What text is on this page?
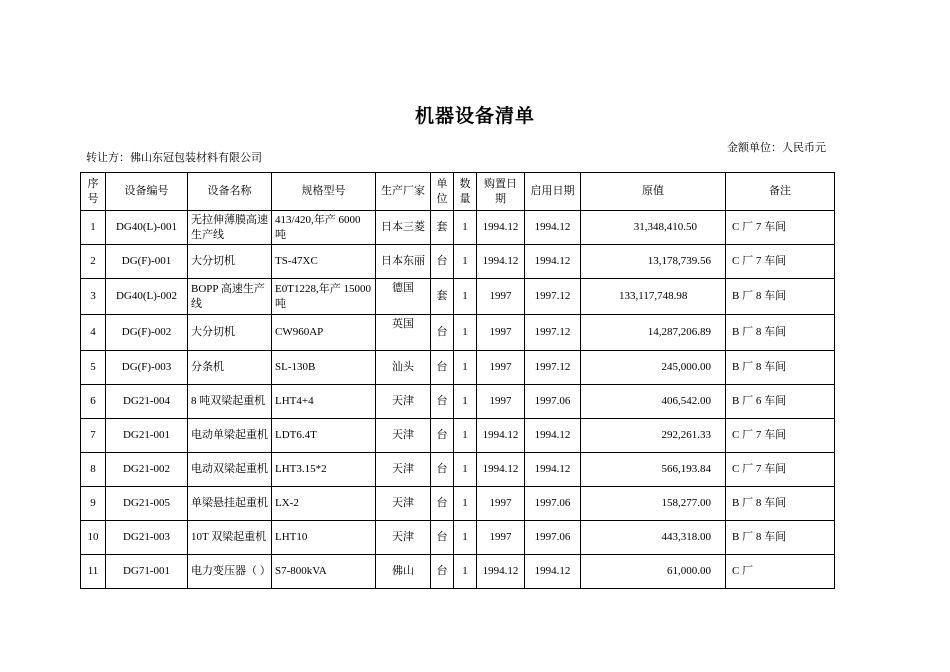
机器设备清单
转让方：佛山东冠包装材料有限公司
金额单位：人民币元
序号	设备编号	设备名称	规格型号	生产厂家	单位	数量	购置日期	启用日期	原值	备注
1	DG40(L)-001	无拉伸薄膜高速生产线	413/420,年产 6000 吨	日本三菱	套	1	1994.12	1994.12	31,348,410.50	C 厂 7 车间
2	DG(F)-001	大分切机	TS-47XC	日本东丽	台	1	1994.12	1994.12	13,178,739.56	C 厂 7 车间
3	DG40(L)-002	BOPP 高速生产线	E0T1228,年产 15000 吨	德国	套	1	1997	1997.12	133,117,748.98	B 厂 8 车间
4	DG(F)-002	大分切机	CW960AP	英国	台	1	1997	1997.12	14,287,206.89	B 厂 8 车间
5	DG(F)-003	分条机	SL-130B	汕头	台	1	1997	1997.12	245,000.00	B 厂 8 车间
6	DG21-004	8 吨双梁起重机	LHT4+4	天津	台	1	1997	1997.06	406,542.00	B 厂 6 车间
7	DG21-001	电动单梁起重机	LDT6.4T	天津	台	1	1994.12	1994.12	292,261.33	C 厂 7 车间
8	DG21-002	电动双梁起重机	LHT3.15*2	天津	台	1	1994.12	1994.12	566,193.84	C 厂 7 车间
9	DG21-005	单梁悬挂起重机	LX-2	天津	台	1	1997	1997.06	158,277.00	B 厂 8 车间
10	DG21-003	10T 双梁起重机	LHT10	天津	台	1	1997	1997.06	443,318.00	B 厂 8 车间
11	DG71-001	电力变压器（ ）	S7-800kVA	佛山	台	1	1994.12	1994.12	61,000.00	C 厂
